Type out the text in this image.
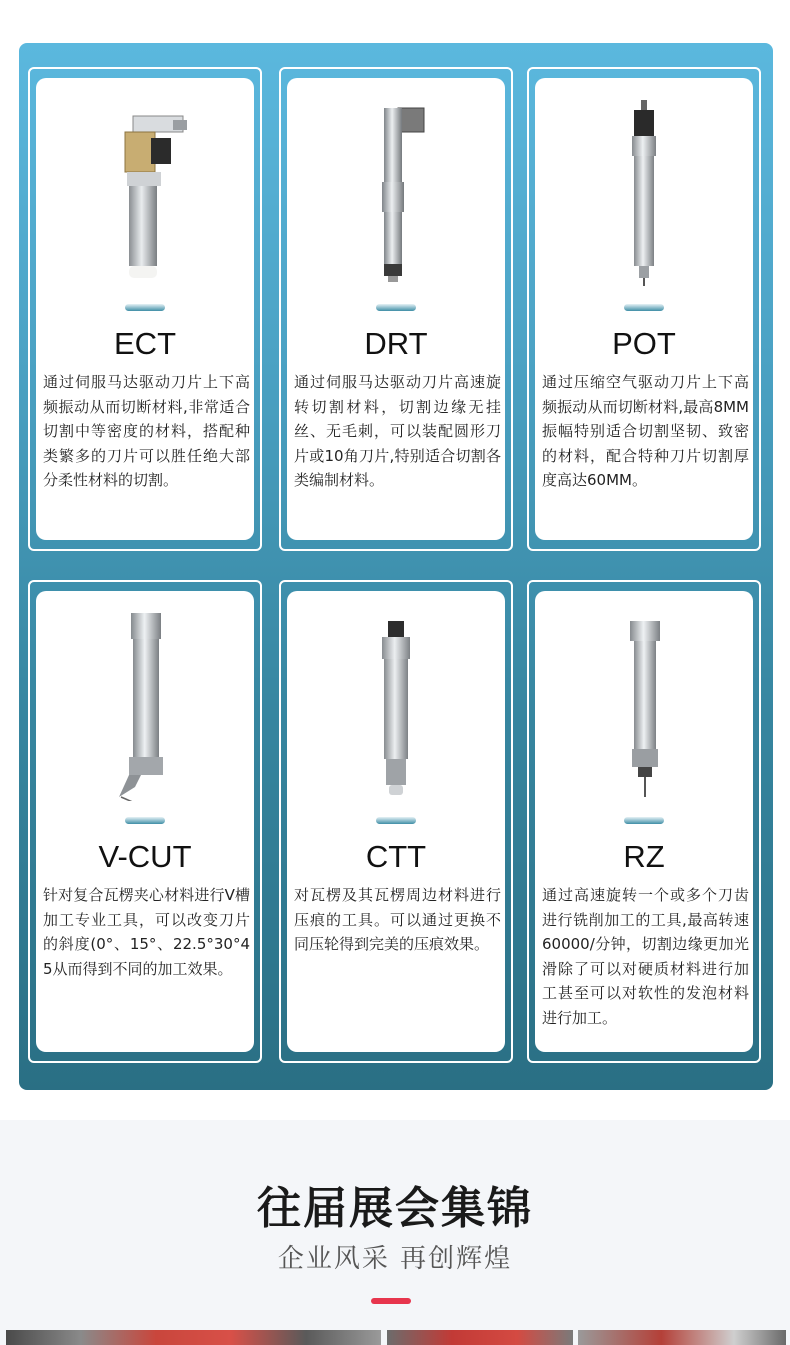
ECT
通过伺服马达驱动刀片上下高频振动从而切断材料,非常适合切割中等密度的材料，搭配种类繁多的刀片可以胜任绝大部分柔性材料的切割。
DRT
通过伺服马达驱动刀片高速旋转切割材料，切割边缘无挂丝、无毛刺，可以装配圆形刀片或10角刀片,特别适合切割各类编制材料。
POT
通过压缩空气驱动刀片上下高频振动从而切断材料,最高8MM振幅特别适合切割坚韧、致密的材料，配合特种刀片切割厚度高达60MM。
V-CUT
针对复合瓦楞夹心材料进行V槽加工专业工具，可以改变刀片的斜度(0°、15°、22.5°30°45从而得到不同的加工效果。
CTT
对瓦楞及其瓦楞周边材料进行压痕的工具。可以通过更换不同压轮得到完美的压痕效果。
RZ
通过高速旋转一个或多个刀齿进行铣削加工的工具,最高转速60000/分钟，切割边缘更加光滑除了可以对硬质材料进行加工甚至可以对软性的发泡材料进行加工。
往届展会集锦
企业风采 再创辉煌
